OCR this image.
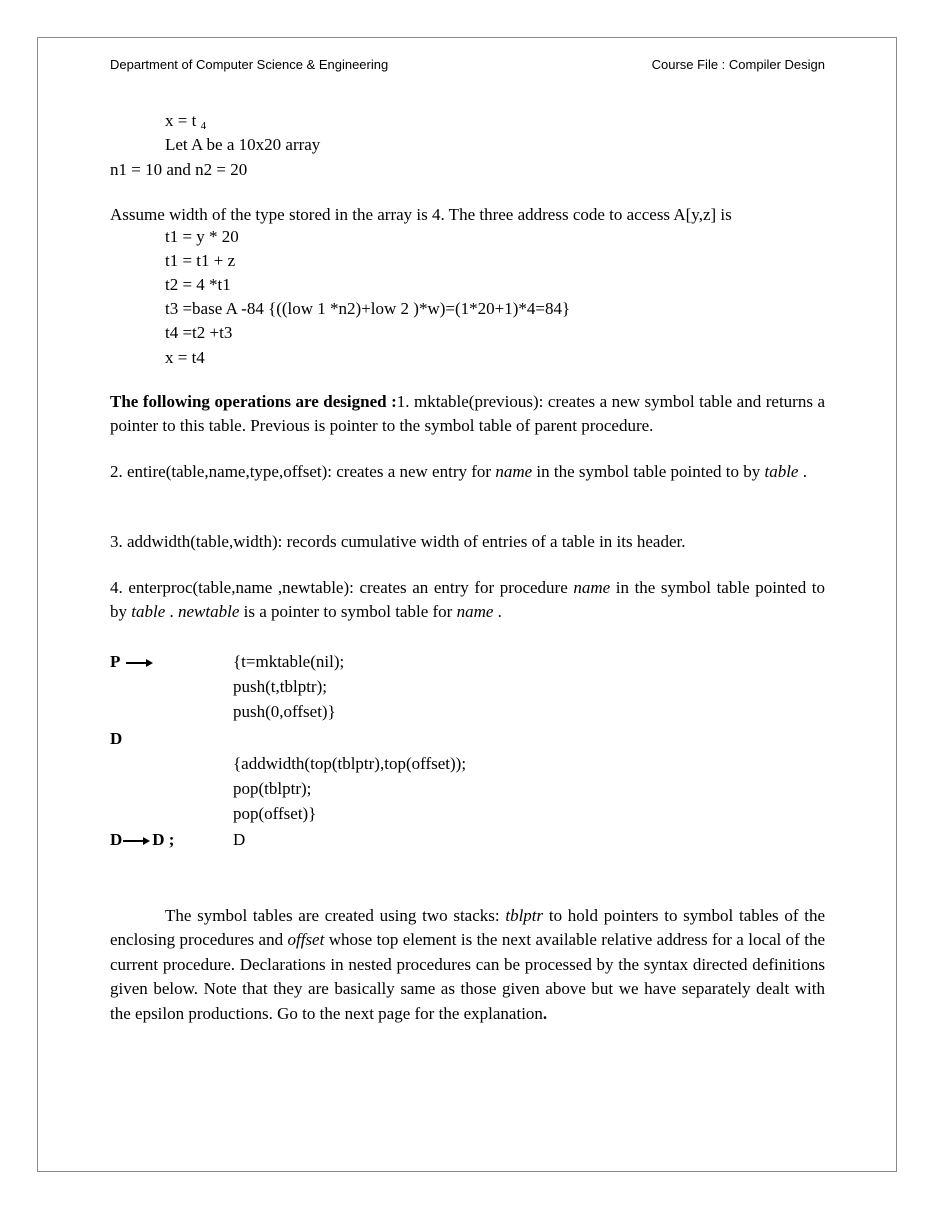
Department of Computer Science & Engineering	Course File : Compiler Design
x = t 4
Let A be a 10x20 array
n1 = 10 and n2 = 20
Assume width of the type stored in the array is 4. The three address code to access A[y,z] is
t1 = y * 20
t1 = t1 + z
t2 = 4 *t1
t3 =base A -84 {((low 1 *n2)+low 2 )*w)=(1*20+1)*4=84}
t4 =t2 +t3
x = t4
The following operations are designed :1. mktable(previous): creates a new symbol table and returns a pointer to this table. Previous is pointer to the symbol table of parent procedure.
2. entire(table,name,type,offset): creates a new entry for name in the symbol table pointed to by table .
3. addwidth(table,width): records cumulative width of entries of a table in its header.
4. enterproc(table,name ,newtable): creates an entry for procedure name in the symbol table pointed to by table . newtable is a pointer to symbol table for name .
P	{t=mktable(nil);
push(t,tblptr);
push(0,offset)}
D
{addwidth(top(tblptr),top(offset));
pop(tblptr);
pop(offset)}
D D ;	D
The symbol tables are created using two stacks: tblptr to hold pointers to symbol tables of the enclosing procedures and offset whose top element is the next available relative address for a local of the current procedure. Declarations in nested procedures can be processed by the syntax directed definitions given below. Note that they are basically same as those given above but we have separately dealt with the epsilon productions. Go to the next page for the explanation.
